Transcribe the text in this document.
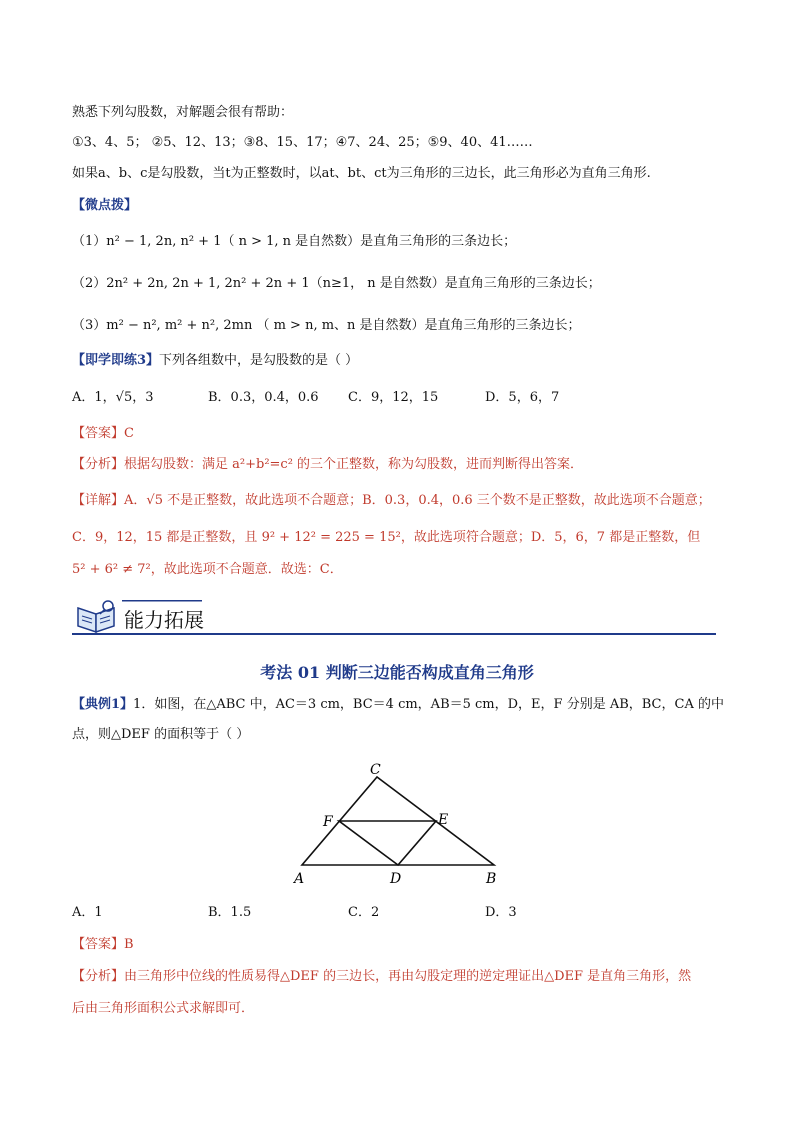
熟悉下列勾股数，对解题会很有帮助：
①3、4、5； ②5、12、13；③8、15、17；④7、24、25；⑤9、40、41……
如果a、b、c是勾股数，当t为正整数时，以at、bt、ct为三角形的三边长，此三角形必为直角三角形.
【微点拨】
（1）n² − 1, 2n, n² + 1（ n > 1, n 是自然数）是直角三角形的三条边长；
（2）2n² + 2n, 2n + 1, 2n² + 2n + 1（n≥1， n 是自然数）是直角三角形的三条边长；
（3）m² − n², m² + n², 2mn （ m > n, m、n 是自然数）是直角三角形的三条边长；
【即学即练3】下列各组数中，是勾股数的是（ ）
A．1，√5，3	B．0.3，0.4，0.6 C．9，12，15	D．5，6，7
【答案】C
【分析】根据勾股数：满足 a²+b²=c² 的三个正整数，称为勾股数，进而判断得出答案．
【详解】A．√5 不是正整数，故此选项不合题意；B．0.3，0.4，0.6 三个数不是正整数，故此选项不合题意；
C．9，12，15 都是正整数，且 9² + 12² = 225 = 15²，故此选项符合题意；D．5，6，7 都是正整数，但
5² + 6² ≠ 7²，故此选项不合题意．故选：C．
能力拓展
考法 01 判断三边能否构成直角三角形
【典例1】1．如图，在△ABC 中，AC＝3 cm，BC＝4 cm，AB＝5 cm，D，E，F 分别是 AB，BC，CA 的中
点，则△DEF 的面积等于（ ）
C
F	E
A	D	B
A．1	B．1.5	C．2	D．3
【答案】B
【分析】由三角形中位线的性质易得△DEF 的三边长，再由勾股定理的逆定理证出△DEF 是直角三角形，然
后由三角形面积公式求解即可．
